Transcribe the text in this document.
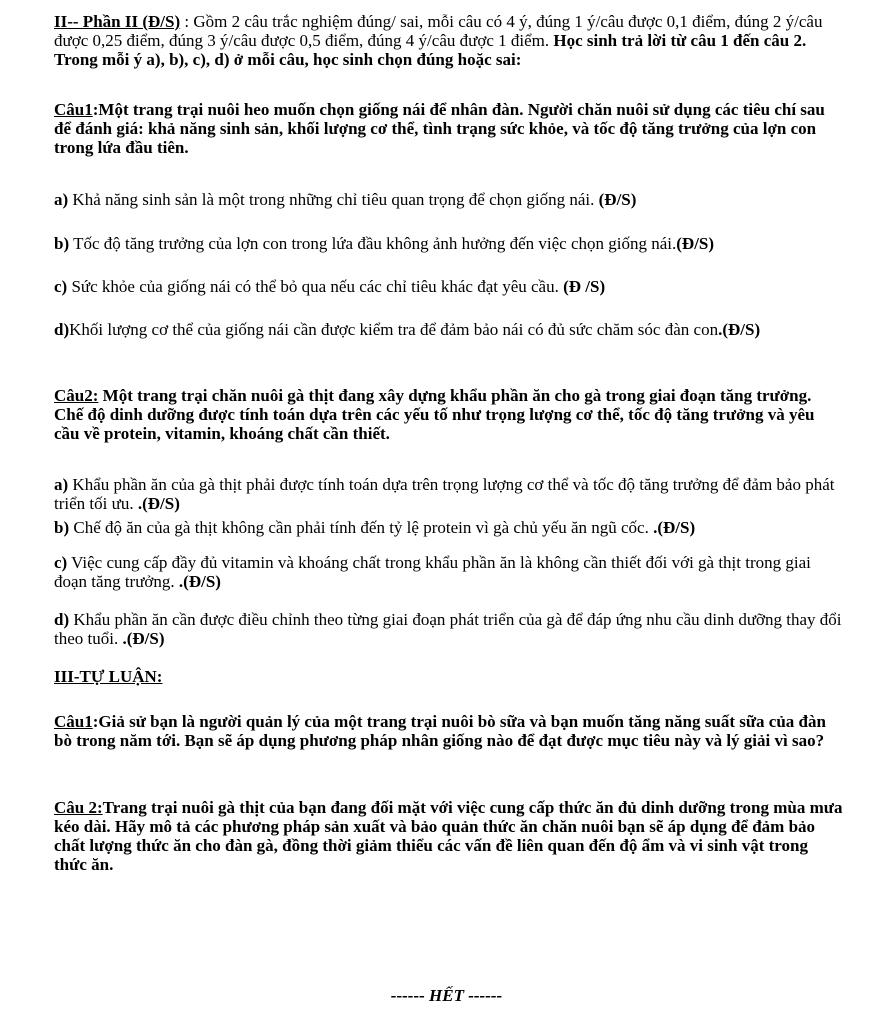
II-- Phần II (Đ/S) : Gồm 2 câu trắc nghiệm đúng/ sai, mỗi câu có 4 ý, đúng 1 ý/câu được 0,1 điểm, đúng 2 ý/câu được 0,25 điểm, đúng 3 ý/câu được 0,5 điểm, đúng 4 ý/câu được 1 điểm. Học sinh trả lời từ câu 1 đến câu 2. Trong mỗi ý a), b), c), d) ở mỗi câu, học sinh chọn đúng hoặc sai:

Câu1:Một trang trại nuôi heo muốn chọn giống nái để nhân đàn. Người chăn nuôi sử dụng các tiêu chí sau để đánh giá: khả năng sinh sản, khối lượng cơ thể, tình trạng sức khỏe, và tốc độ tăng trưởng của lợn con trong lứa đầu tiên.

a) Khả năng sinh sản là một trong những chỉ tiêu quan trọng để chọn giống nái. (Đ/S)

b) Tốc độ tăng trưởng của lợn con trong lứa đầu không ảnh hưởng đến việc chọn giống nái.(Đ/S)

c) Sức khỏe của giống nái có thể bỏ qua nếu các chỉ tiêu khác đạt yêu cầu. (Đ /S)

d)Khối lượng cơ thể của giống nái cần được kiểm tra để đảm bảo nái có đủ sức chăm sóc đàn con.(Đ/S)

Câu2: Một trang trại chăn nuôi gà thịt đang xây dựng khẩu phần ăn cho gà trong giai đoạn tăng trưởng. Chế độ dinh dưỡng được tính toán dựa trên các yếu tố như trọng lượng cơ thể, tốc độ tăng trưởng và yêu cầu về protein, vitamin, khoáng chất cần thiết.

a) Khẩu phần ăn của gà thịt phải được tính toán dựa trên trọng lượng cơ thể và tốc độ tăng trưởng để đảm bảo phát triển tối ưu. .(Đ/S)

b) Chế độ ăn của gà thịt không cần phải tính đến tỷ lệ protein vì gà chủ yếu ăn ngũ cốc. .(Đ/S)

c) Việc cung cấp đầy đủ vitamin và khoáng chất trong khẩu phần ăn là không cần thiết đối với gà thịt trong giai đoạn tăng trưởng. .(Đ/S)

d) Khẩu phần ăn cần được điều chỉnh theo từng giai đoạn phát triển của gà để đáp ứng nhu cầu dinh dưỡng thay đổi theo tuổi. .(Đ/S)

III-TỰ LUẬN:

Câu1:Giả sử bạn là người quản lý của một trang trại nuôi bò sữa và bạn muốn tăng năng suất sữa của đàn bò trong năm tới. Bạn sẽ áp dụng phương pháp nhân giống nào để đạt được mục tiêu này và lý giải vì sao?

Câu 2:Trang trại nuôi gà thịt của bạn đang đối mặt với việc cung cấp thức ăn đủ dinh dưỡng trong mùa mưa kéo dài. Hãy mô tả các phương pháp sản xuất và bảo quản thức ăn chăn nuôi bạn sẽ áp dụng để đảm bảo chất lượng thức ăn cho đàn gà, đồng thời giảm thiểu các vấn đề liên quan đến độ ẩm và vi sinh vật trong thức ăn.

------ HẾT ------
